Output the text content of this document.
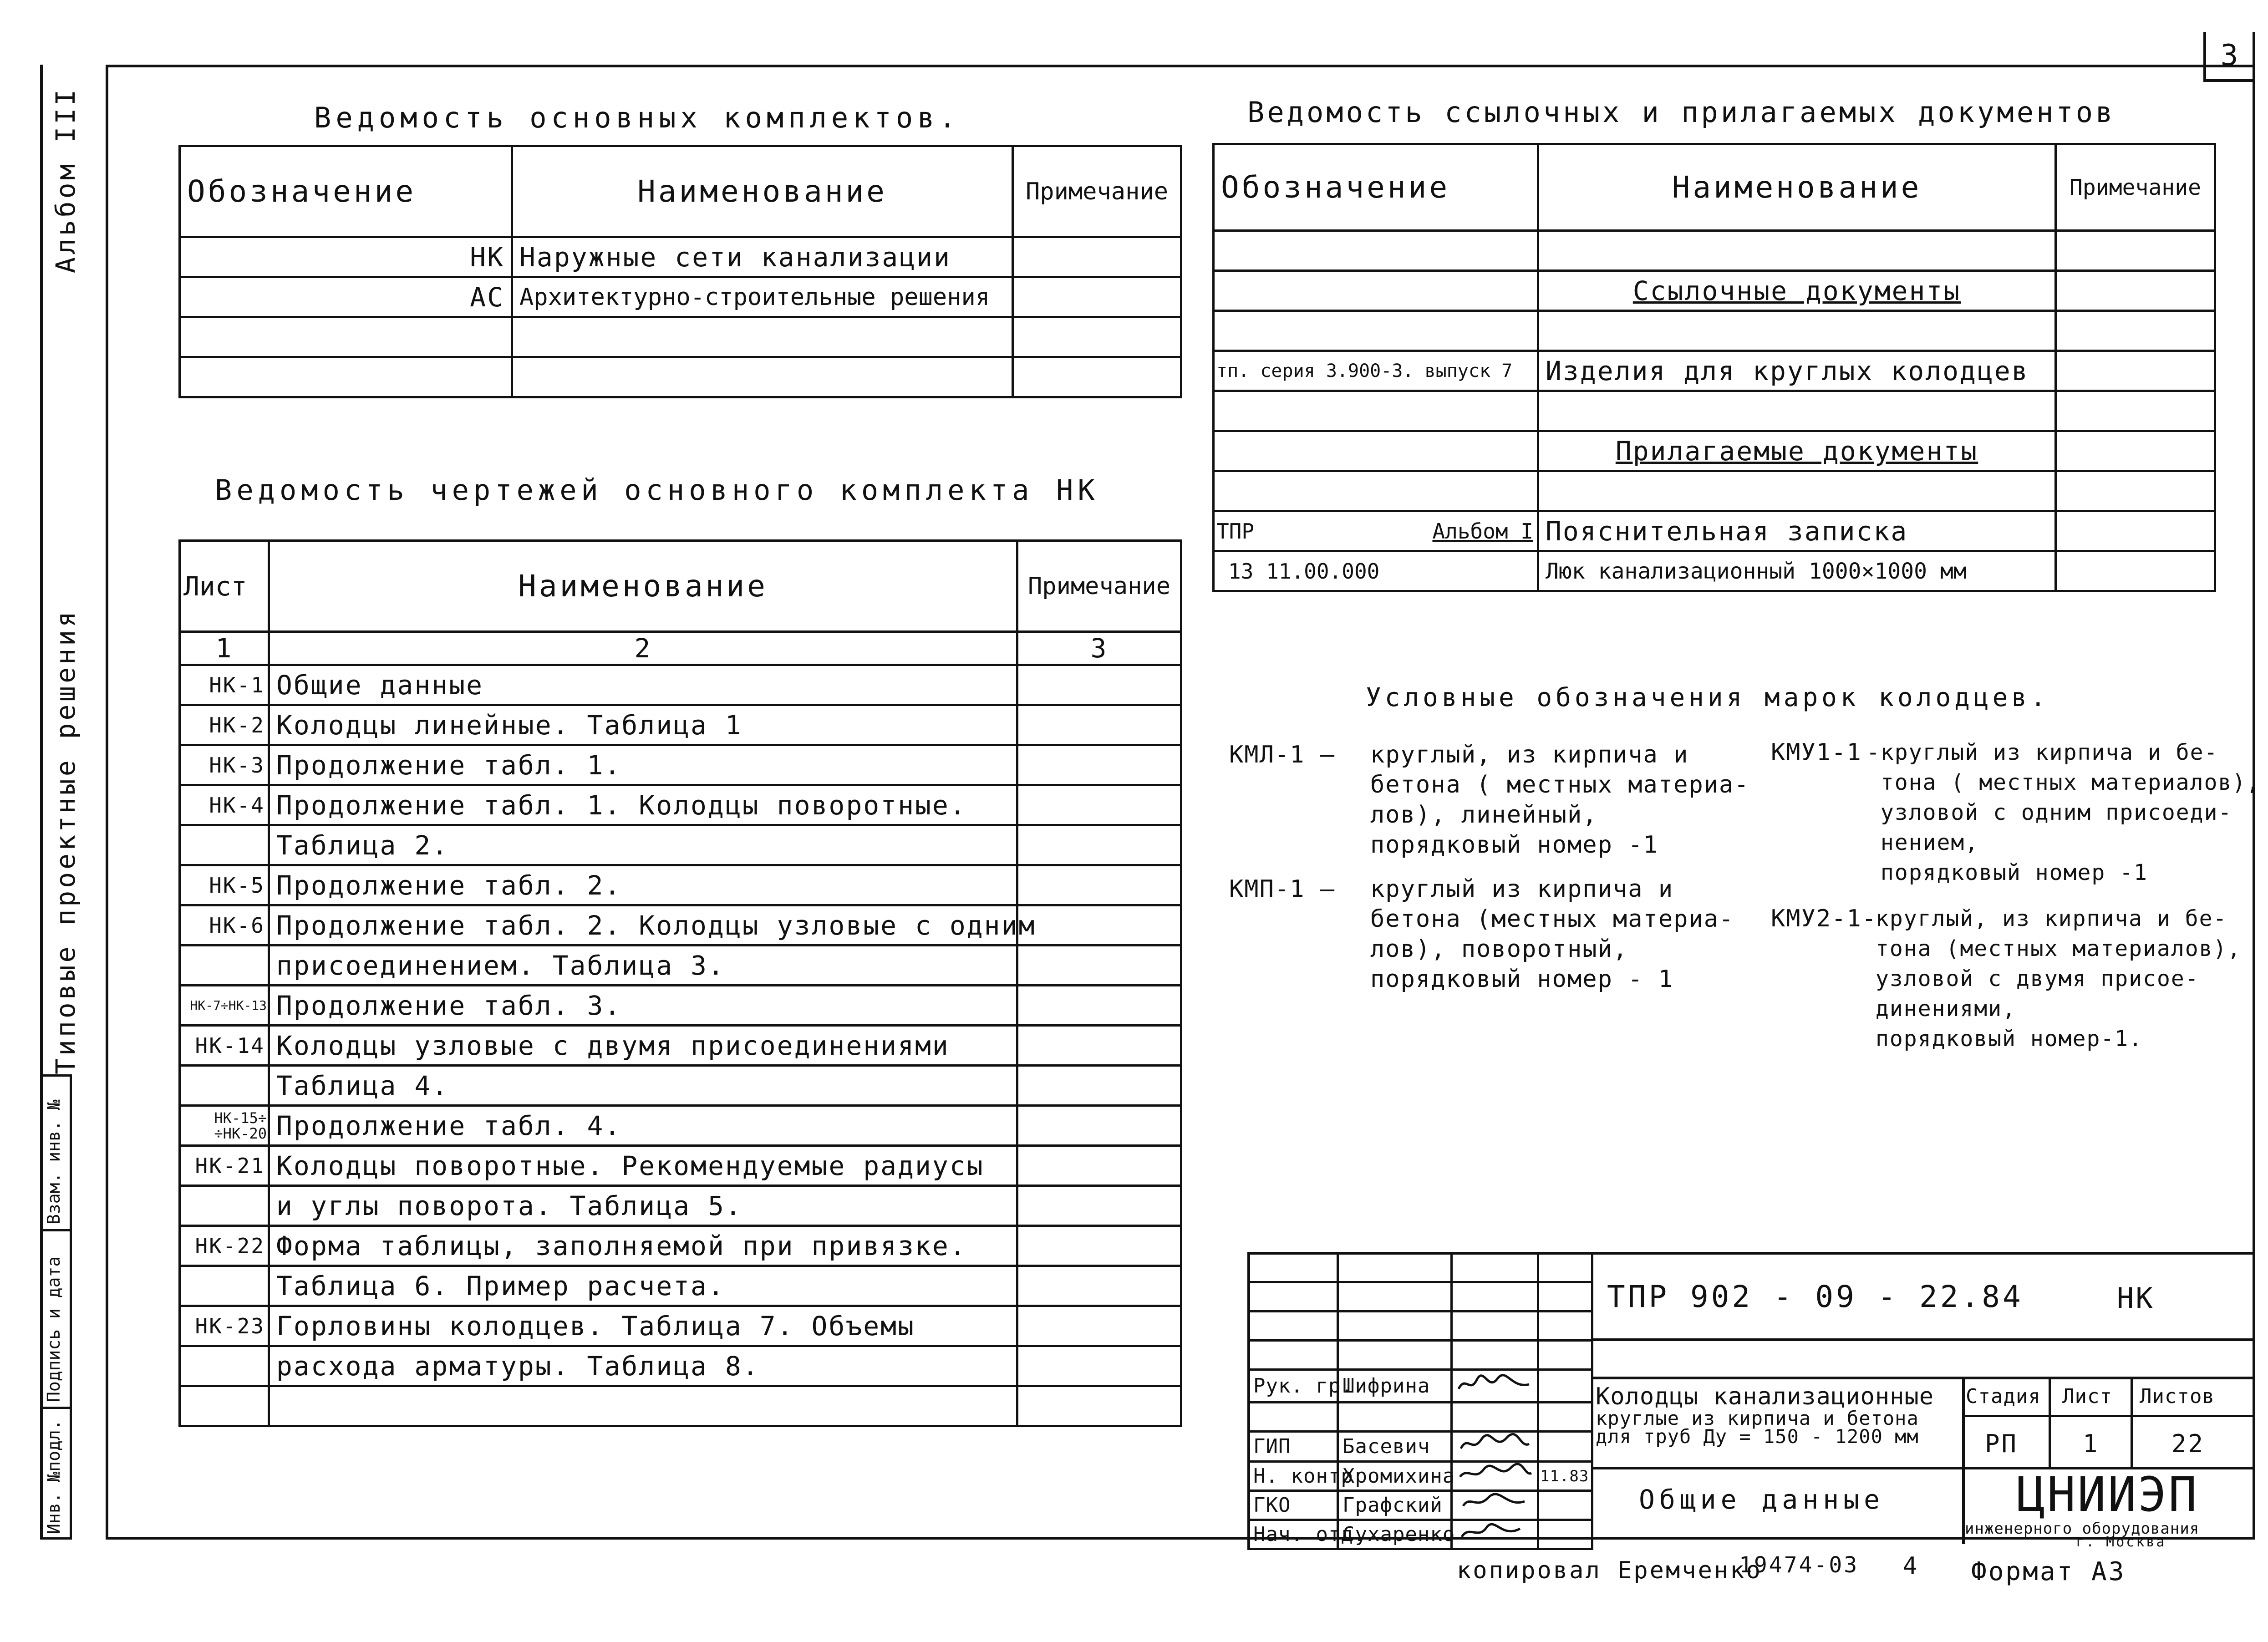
3
Альбом III
Типовые проектные решения
Инв. №подл.
Подпись и дата
Взам. инв. №
Ведомость основных комплектов.
Обозначение	Наименование	Примечание
НК	Наружные сети канализации	
АС	Архитектурно-строительные решения	

Ведомость чертежей основного комплекта НК
Лист	Наименование	Примечание
1	2	3
НК-1	Общие данные	
НК-2	Колодцы линейные. Таблица 1	
НК-3	Продолжение табл. 1.	
НК-4	Продолжение табл. 1. Колодцы поворотные.	
	Таблица 2.	
НК-5	Продолжение табл. 2.	
НК-6	Продолжение табл. 2. Колодцы узловые с одним	
	присоединением. Таблица 3.	
НК-7÷НК-13	Продолжение табл. 3.	
НК-14	Колодцы узловые с двумя присоединениями	
	Таблица 4.	
НК-15÷ ÷НК-20	Продолжение табл. 4.	
НК-21	Колодцы поворотные. Рекомендуемые радиусы	
	и углы поворота. Таблица 5.	
НК-22	Форма таблицы, заполняемой при привязке.	
	Таблица 6. Пример расчета.	
НК-23	Горловины колодцев. Таблица 7. Объемы	
	расхода арматуры. Таблица 8.	

Ведомость ссылочных и прилагаемых документов
Обозначение	Наименование	Примечание

	Ссылочные документы	

тп. серия 3.900-3. выпуск 7	Изделия для круглых колодцев	

	Прилагаемые документы	

ТПР Альбом I	Пояснительная записка	
13 11.00.000	Люк канализационный 1000×1000 мм	
Условные обозначения марок колодцев.
КМЛ-1 – круглый, из кирпича и
бетона ( местных материа-
лов), линейный,
порядковый номер -1
КМП-1 – круглый из кирпича и
бетона (местных материа-
лов), поворотный,
порядковый номер - 1
КМУ1-1 -круглый из кирпича и бе-
тона ( местных материалов),
узловой с одним присоеди-
нением,
порядковый номер -1
КМУ2-1-
круглый, из кирпича и бе-
тона (местных материалов),
узловой с двумя присое-
динениями,
порядковый номер-1.

Рук. гр.	Шифрина		

ГИП	Басевич		
Н. контр	Хромихина		11.83
ГКО	Графский		
Нач. отд.	Сухаренко		
ТПР 902 - 09 - 22.84	НК
Колодцы канализационные
круглые из кирпича и бетона
для труб Ду = 150 - 1200 мм
Стадия Лист Листов
РП	1	22
Общие данные	ЦНИИЭП
инженерного оборудования
г. Москва
копировал Еремченко
19474-03 4 Формат А3
